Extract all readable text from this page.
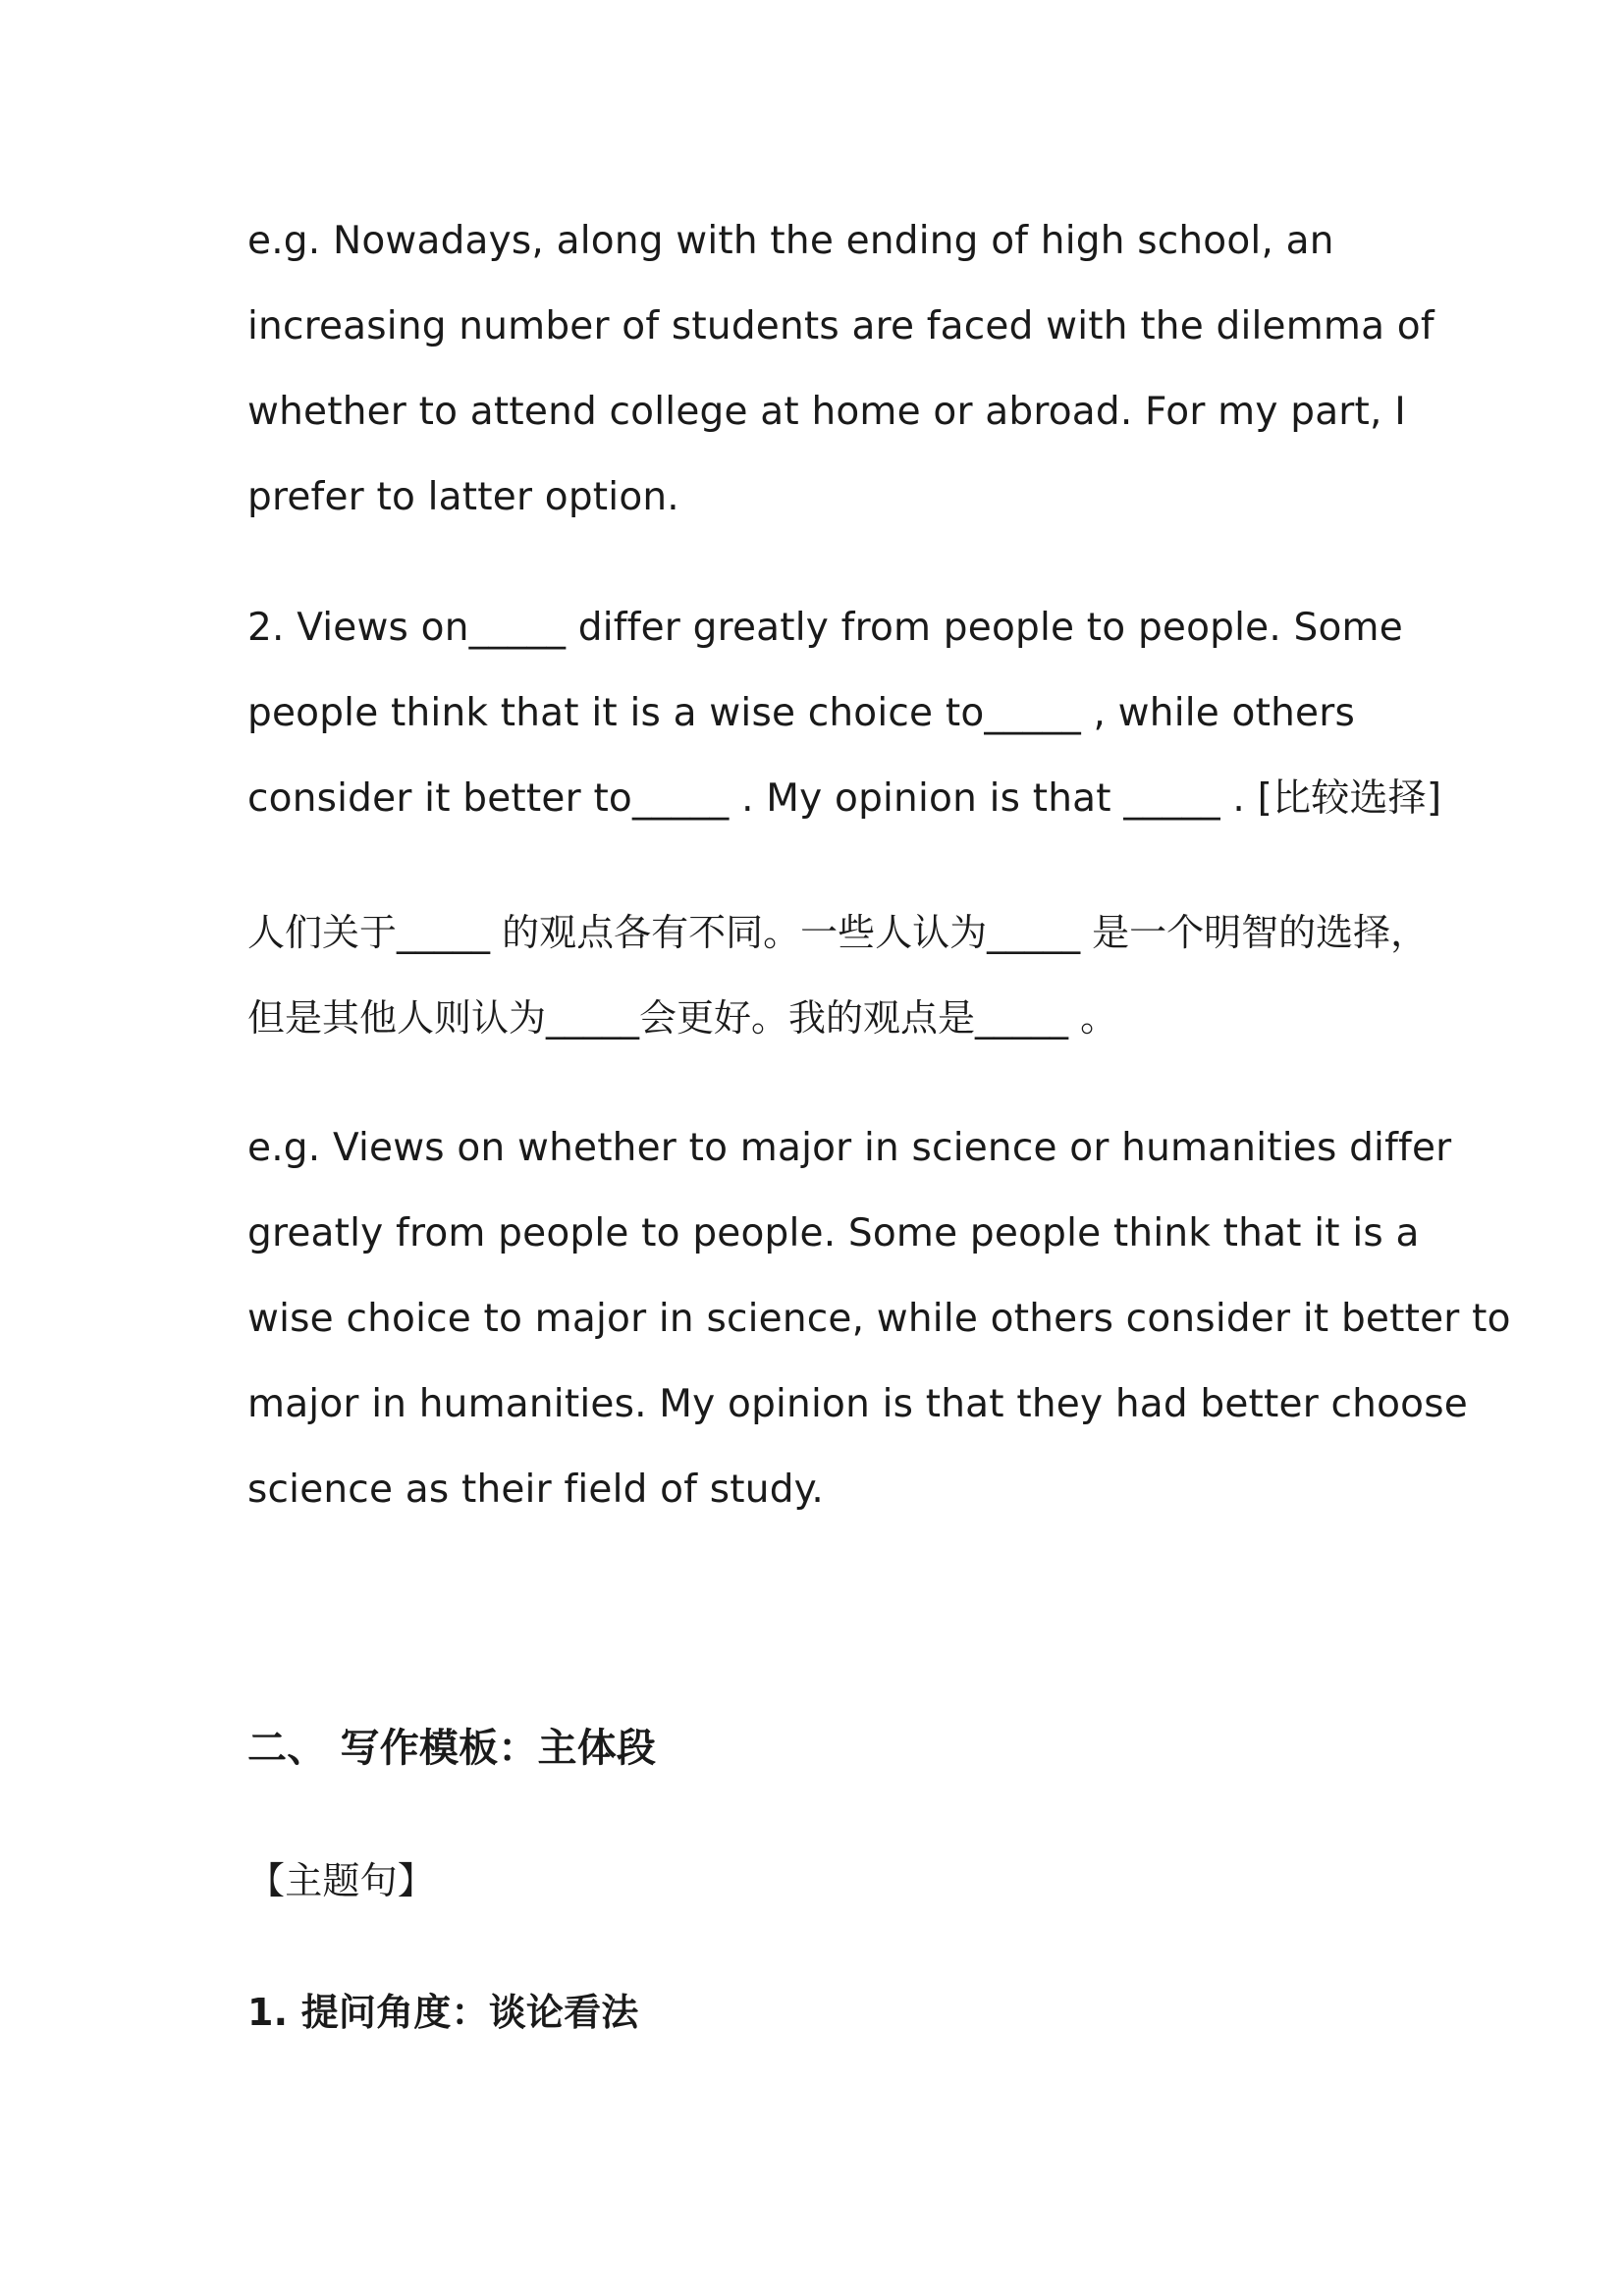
e.g. Nowadays, along with the ending of high school, an
increasing number of students are faced with the dilemma of
whether to attend college at home or abroad. For my part, I
prefer to latter option.
2. Views on_____ differ greatly from people to people. Some
people think that it is a wise choice to_____ , while others
consider it better to_____ . My opinion is that _____ . [比较选择]
人们关于_____ 的观点各有不同。一些人认为_____ 是一个明智的选择，
但是其他人则认为_____会更好。我的观点是_____ 。
e.g. Views on whether to major in science or humanities differ
greatly from people to people. Some people think that it is a
wise choice to major in science, while others consider it better to
major in humanities. My opinion is that they had better choose
science as their field of study.
二、 写作模板：主体段
【主题句】
1. 提问角度：谈论看法
